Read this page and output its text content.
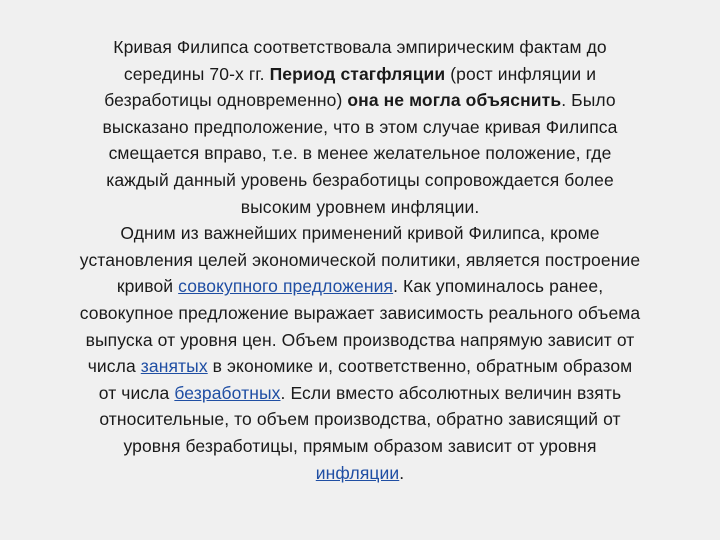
Кривая Филипса соответствовала эмпирическим фактам до
середины 70-х гг. Период стагфляции (рост инфляции и
безработицы одновременно) она не могла объяснить. Было
высказано предположение, что в этом случае кривая Филипса
смещается вправо, т.е. в менее желательное положение, где
каждый данный уровень безработицы сопровождается более
высоким уровнем инфляции.

Одним из важнейших применений кривой Филипса, кроме
установления целей экономической политики, является построение
кривой совокупного предложения. Как упоминалось ранее,
совокупное предложение выражает зависимость реального объема
выпуска от уровня цен. Объем производства напрямую зависит от
числа занятых в экономике и, соответственно, обратным образом
от числа безработных. Если вместо абсолютных величин взять
относительные, то объем производства, обратно зависящий от
уровня безработицы, прямым образом зависит от уровня
инфляции.
